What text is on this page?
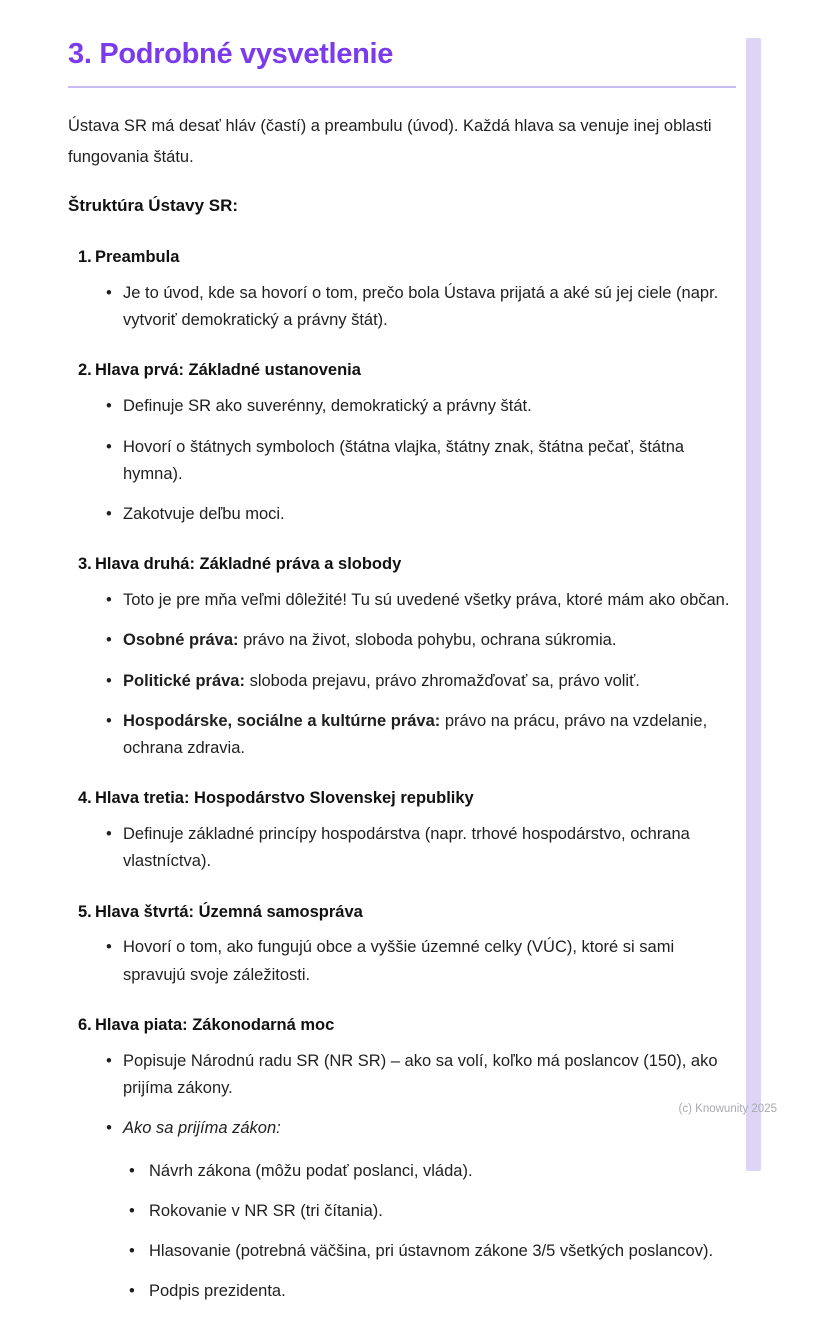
3. Podrobné vysvetlenie

Ústava SR má desať hláv (častí) a preambulu (úvod). Každá hlava sa venuje inej oblasti fungovania štátu.

Štruktúra Ústavy SR:

1. Preambula
• Je to úvod, kde sa hovorí o tom, prečo bola Ústava prijatá a aké sú jej ciele (napr. vytvoriť demokratický a právny štát).
2. Hlava prvá: Základné ustanovenia
• Definuje SR ako suverénny, demokratický a právny štát.
• Hovorí o štátnych symboloch (štátna vlajka, štátny znak, štátna pečať, štátna hymna).
• Zakotvuje deľbu moci.
3. Hlava druhá: Základné práva a slobody
• Toto je pre mňa veľmi dôležité! Tu sú uvedené všetky práva, ktoré mám ako občan.
• Osobné práva: právo na život, sloboda pohybu, ochrana súkromia.
• Politické práva: sloboda prejavu, právo zhromažďovať sa, právo voliť.
• Hospodárske, sociálne a kultúrne práva: právo na prácu, právo na vzdelanie, ochrana zdravia.
4. Hlava tretia: Hospodárstvo Slovenskej republiky
• Definuje základné princípy hospodárstva (napr. trhové hospodárstvo, ochrana vlastníctva).
5. Hlava štvrtá: Územná samospráva
• Hovorí o tom, ako fungujú obce a vyššie územné celky (VÚC), ktoré si sami spravujú svoje záležitosti.
6. Hlava piata: Zákonodarná moc
• Popisuje Národnú radu SR (NR SR) – ako sa volí, koľko má poslancov (150), ako prijíma zákony.
• Ako sa prijíma zákon:
• Návrh zákona (môžu podať poslanci, vláda).
• Rokovanie v NR SR (tri čítania).
• Hlasovanie (potrebná väčšina, pri ústavnom zákone 3/5 všetkých poslancov).
• Podpis prezidenta.
(c) Knowunity 2025
